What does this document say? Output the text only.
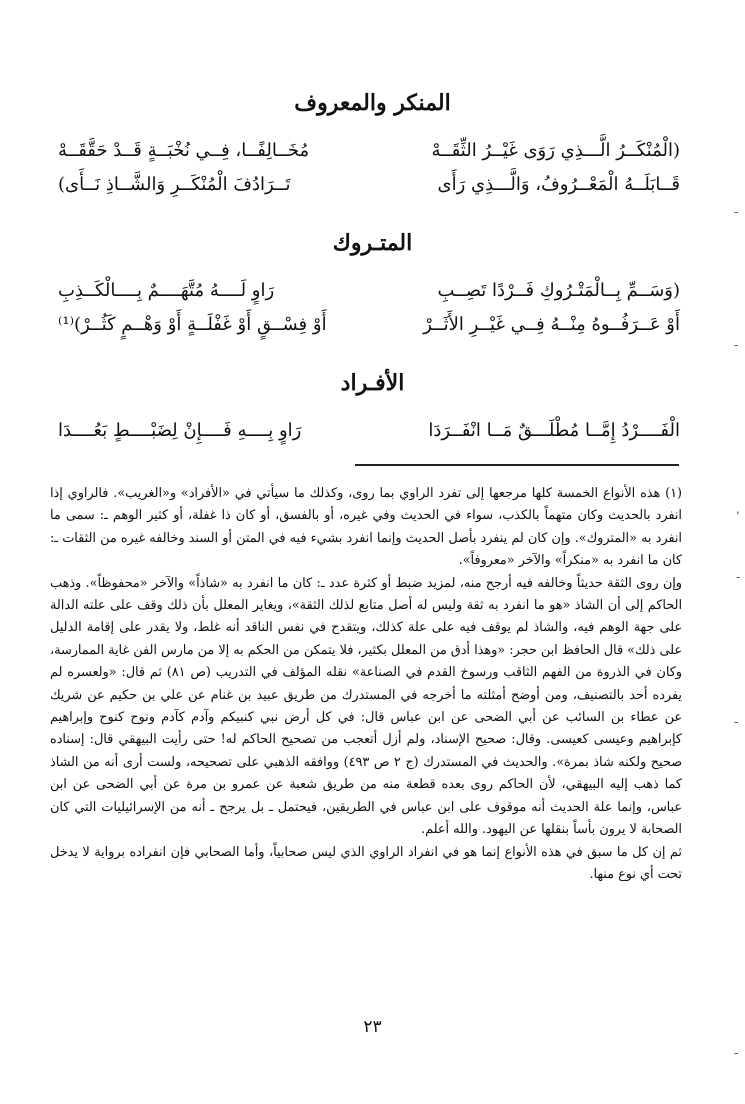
المنكر والمعروف
(الْمُنْكَــرُ الَّـــذِي رَوَى غَيْــرُ الثِّقَــهْ
مُخَــالِفًــا، فِــي نُخْبَــةٍ قَــدْ حَقَّقَــهْ
قَــابَلَــهُ الْمَعْــرُوفُ، وَالَّـــذِي رَأَى
تَــرَادُفَ الْمُنْكَــرِ وَالشَّــاذِ نَــأَى)
المتـروك
(وَسَــمِّ بِــالْمَتْـرُوكِ فَــرْدًا تَصِــبِ
رَاوٍ لَــــهُ مُتَّهَــــمٌ بِــــالْكَــذِبِ
أَوْ عَــرَفُــوهُ مِنْــهُ فِــي غَيْــرِ الأَثَــرْ
أَوْ فِسْــقٍ أَوْ غَفْلَــةٍ أَوْ وَهْــمٍ كَثُــرْ)⁽¹⁾
الأفـراد
الْفَــــرْدُ إِمَّــا مُطْلَـــقٌ مَــا انْفَــرَدَا
رَاوٍ بِــــهِ فَــــإِنْ لِضَبْــــطٍ بَعُــــدَا

(١) هذه الأنواع الخمسة كلها مرجعها إلى تفرد الراوي بما روى، وكذلك ما سيأتي في «الأفراد» و«الغريب». فالراوي إذا انفرد بالحديث وكان متهماً بالكذب، سواء في الحديث وفي غيره، أو بالفسق، أو كان ذا غفلة، أو كثير الوهم ـ: سمى ما انفرد به «المتروك». وإن كان لم ينفرد بأصل الحديث وإنما انفرد بشيء فيه في المتن أو السند وخالفه غيره من الثقات ـ: كان ما انفرد به «منكراً» والآخر «معروفاً».

وإن روى الثقة حديثاً وخالفه فيه أرجح منه، لمزيد ضبط أو كثرة عدد ـ: كان ما انفرد به «شاذاً» والآخر «محفوظاً». وذهب الحاكم إلى أن الشاذ «هو ما انفرد به ثقة وليس له أصل متابع لذلك الثقة»، ويغاير المعلل بأن ذلك وقف على علته الدالة على جهة الوهم فيه، والشاذ لم يوقف فيه على علة كذلك، ويتقدح في نفس الناقد أنه غلط، ولا يقدر على إقامة الدليل على ذلك» قال الحافظ ابن حجر: «وهذا أدق من المعلل بكثير، فلا يتمكن من الحكم به إلا من مارس الفن غاية الممارسة، وكان في الذروة من الفهم الثاقب ورسوخ القدم في الصناعة» نقله المؤلف في التدريب (ص ٨١) ثم قال: «ولعسره لم يفرده أحد بالتصنيف، ومن أوضح أمثلته ما أخرجه في المستدرك من طريق عبيد بن غنام عن علي بن حكيم عن شريك عن عطاء بن السائب عن أبي الضحى عن ابن عباس قال: في كل أرض نبي كنبيكم وآدم كآدم ونوح كنوح وإبراهيم كإبراهيم وعيسى كعيسى. وقال: صحيح الإسناد، ولم أزل أتعجب من تصحيح الحاكم له! حتى رأيت البيهقي قال: إسناده صحيح ولكنه شاذ بمرة». والحديث في المستدرك (ج ٢ ص ٤٩٣) ووافقه الذهبي على تصحيحه، ولست أرى أنه من الشاذ كما ذهب إليه البيهقي، لأن الحاكم روى بعده قطعة منه من طريق شعبة عن عمرو بن مرة عن أبي الضحى عن ابن عباس، وإنما علة الحديث أنه موقوف على ابن عباس في الطريقين، فيحتمل ـ بل يرجح ـ أنه من الإسرائيليات التي كان الصحابة لا يرون بأساً بنقلها عن اليهود. والله أعلم.

ثم إن كل ما سبق في هذه الأنواع إنما هو في انفراد الراوي الذي ليس صحابياً، وأما الصحابي فإن انفراده برواية لا يدخل تحت أي نوع منها.

٢٣
-
-
,
-
-
-
